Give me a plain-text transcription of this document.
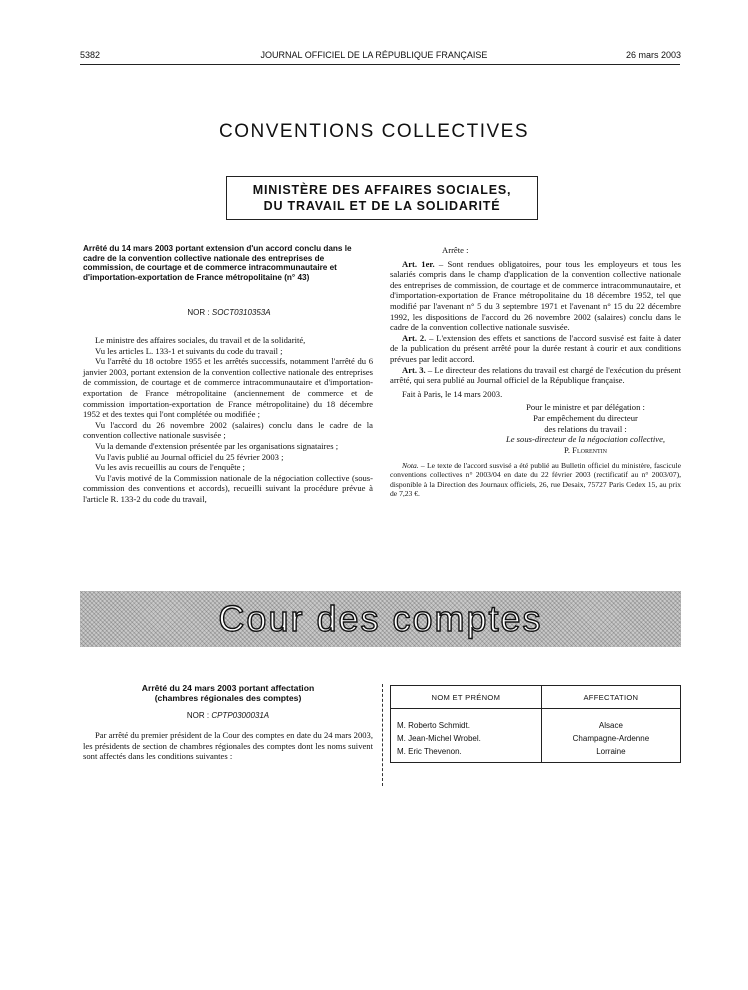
5382	JOURNAL OFFICIEL DE LA RÉPUBLIQUE FRANÇAISE	26 mars 2003
CONVENTIONS COLLECTIVES
MINISTÈRE DES AFFAIRES SOCIALES,
DU TRAVAIL ET DE LA SOLIDARITÉ
Arrêté du 14 mars 2003 portant extension d'un accord conclu dans le cadre de la convention collective nationale des entreprises de commission, de courtage et de commerce intracommunautaire et d'importation-exportation de France métropolitaine (n° 43)
NOR : SOCT0310353A

Le ministre des affaires sociales, du travail et de la solidarité,

Vu les articles L. 133-1 et suivants du code du travail ;

Vu l'arrêté du 18 octobre 1955 et les arrêtés successifs, notamment l'arrêté du 6 janvier 2003, portant extension de la convention collective nationale des entreprises de commission, de courtage et de commerce intracommunautaire et d'importation-exportation de France métropolitaine (anciennement de commerce et de commission importation-exportation de France métropolitaine) du 18 décembre 1952 et des textes qui l'ont complétée ou modifiée ;

Vu l'accord du 26 novembre 2002 (salaires) conclu dans le cadre de la convention collective nationale susvisée ;

Vu la demande d'extension présentée par les organisations signataires ;

Vu l'avis publié au Journal officiel du 25 février 2003 ;

Vu les avis recueillis au cours de l'enquête ;

Vu l'avis motivé de la Commission nationale de la négociation collective (sous-commission des conventions et accords), recueilli suivant la procédure prévue à l'article R. 133-2 du code du travail,

Arrête :

Art. 1er. – Sont rendues obligatoires, pour tous les employeurs et tous les salariés compris dans le champ d'application de la convention collective nationale des entreprises de commission, de courtage et de commerce intracommunautaire, et d'importation-exportation de France métropolitaine du 18 décembre 1952, tel que modifié par l'avenant n° 5 du 3 septembre 1971 et l'avenant n° 15 du 22 décembre 1992, les dispositions de l'accord du 26 novembre 2002 (salaires) conclu dans le cadre de la convention collective nationale susvisée.

Art. 2. – L'extension des effets et sanctions de l'accord susvisé est faite à dater de la publication du présent arrêté pour la durée restant à courir et aux conditions prévues par ledit accord.

Art. 3. – Le directeur des relations du travail est chargé de l'exécution du présent arrêté, qui sera publié au Journal officiel de la République française.

Fait à Paris, le 14 mars 2003.

Pour le ministre et par délégation :

Par empêchement du directeur

des relations du travail :

Le sous-directeur de la négociation collective,

P. Florentin

Nota. – Le texte de l'accord susvisé a été publié au Bulletin officiel du ministère, fascicule conventions collectives n° 2003/04 en date du 22 février 2003 (rectificatif au n° 2003/07), disponible à la Direction des Journaux officiels, 26, rue Desaix, 75727 Paris Cedex 15, au prix de 7,23 €.

Cour des comptes
Arrêté du 24 mars 2003 portant affectation
(chambres régionales des comptes)
NOR : CPTP0300031A

Par arrêté du premier président de la Cour des comptes en date du 24 mars 2003, les présidents de section de chambres régionales des comptes dont les noms suivent sont affectés dans les conditions suivantes :

NOM ET PRÉNOM	AFFECTATION
M. Roberto Schmidt.	Alsace
M. Jean-Michel Wrobel.	Champagne-Ardenne
M. Eric Thevenon.	Lorraine
